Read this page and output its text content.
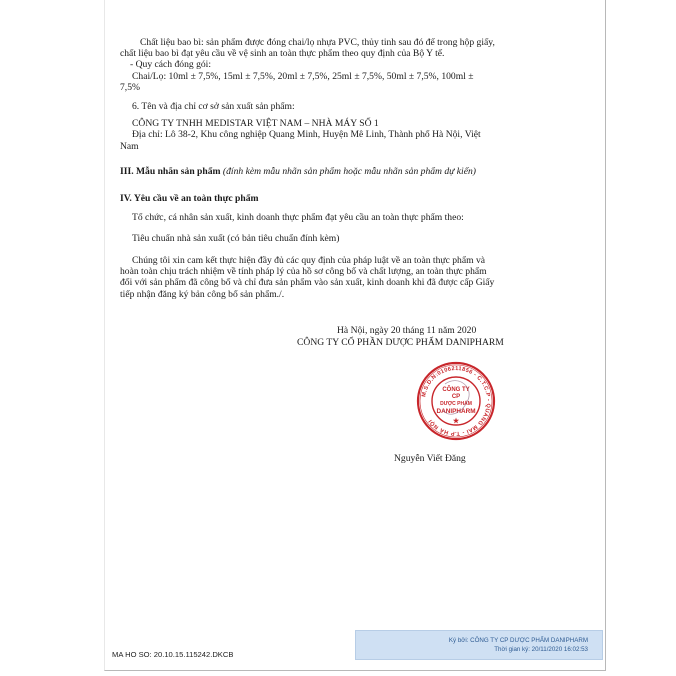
Chất liệu bao bì: sản phẩm được đóng chai/lọ nhựa PVC, thủy tinh sau đó để trong hộp giấy,
chất liệu bao bì đạt yêu cầu về vệ sinh an toàn thực phẩm theo quy định của Bộ Y tế.
- Quy cách đóng gói:
Chai/Lọ: 10ml ± 7,5%, 15ml ± 7,5%, 20ml ± 7,5%, 25ml ± 7,5%, 50ml ± 7,5%, 100ml ±
7,5%
6. Tên và địa chỉ cơ sở sản xuất sản phẩm:
CÔNG TY TNHH MEDISTAR VIỆT NAM – NHÀ MÁY SỐ 1
Địa chỉ: Lô 38-2, Khu công nghiệp Quang Minh, Huyện Mê Linh, Thành phố Hà Nội, Việt
Nam
III. Mẫu nhãn sản phẩm (đính kèm mẫu nhãn sản phẩm hoặc mẫu nhãn sản phẩm dự kiến)
IV. Yêu cầu về an toàn thực phẩm
Tổ chức, cá nhân sản xuất, kinh doanh thực phẩm đạt yêu cầu an toàn thực phẩm theo:
Tiêu chuẩn nhà sản xuất (có bản tiêu chuẩn đính kèm)
Chúng tôi xin cam kết thực hiện đầy đủ các quy định của pháp luật về an toàn thực phẩm và
hoàn toàn chịu trách nhiệm về tính pháp lý của hồ sơ công bố và chất lượng, an toàn thực phẩm
đối với sản phẩm đã công bố và chỉ đưa sản phẩm vào sản xuất, kinh doanh khi đã được cấp Giấy
tiếp nhận đăng ký bản công bố sản phẩm./.
Hà Nội, ngày 20 tháng 11 năm 2020
CÔNG TY CỔ PHẦN DƯỢC PHẨM DANIPHARM
M.S.D.N:0106211856 - C.T.C.P - QUANG MAI - T.P HÀ NỘI
CÔNG TY
CP
DƯỢC PHẨM
DANIPHARM
★
Nguyễn Viết Đăng
Ký bởi: CÔNG TY CP DƯỢC PHẨM DANIPHARM
Thời gian ký: 20/11/2020 16:02:53
MA HO SO: 20.10.15.115242.DKCB
